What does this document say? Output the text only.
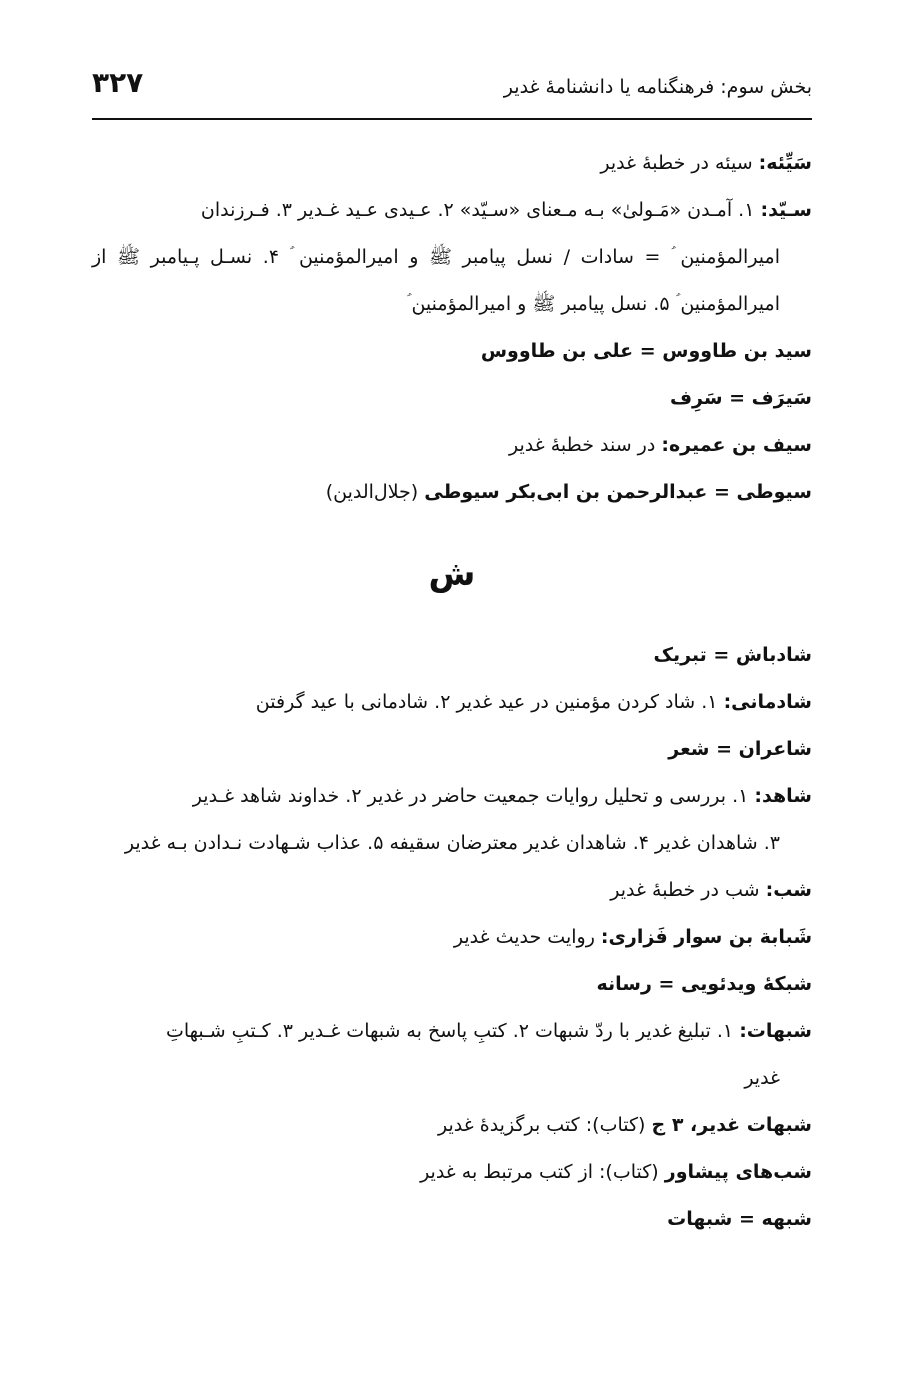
بخش سوم: فرهنگنامه یا دانشنامۀ غدیر
۳۲۷
سَیِّئه: سیئه در خطبۀ غدیر
سـیّد: ۱. آمـدن «مَـولیٰ» بـه مـعنای «سـیّد» ۲. عـیدی عـید غـدیر ۳. فـرزندان
امیرالمؤمنین ؑ = سادات / نسل پیامبر ﷺ و امیرالمؤمنین ؑ ۴. نسـل پـیامبر ﷺ از امیرالمؤمنین ؑ ۵. نسل پیامبر ﷺ و امیرالمؤمنین ؑ
سید بن طاووس = علی بن طاووس
سَیرَف = سَرِف
سیف بن عمیره: در سند خطبۀ غدیر
سیوطی = عبدالرحمن بن ابی‌بکر سیوطی (جلال‌الدین)
ش
شادباش = تبریک
شادمانی: ۱. شاد کردن مؤمنین در عید غدیر ۲. شادمانی با عید گرفتن
شاعران = شعر
شاهد: ۱. بررسی و تحلیل روایات جمعیت حاضر در غدیر ۲. خداوند شاهد غـدیر
۳. شاهدان غدیر ۴. شاهدان غدیر معترضان سقیفه ۵. عذاب شـهادت نـدادن بـه غدیر
شب: شب در خطبۀ غدیر
شَبابة بن سوار فَزاری: روایت حدیث غدیر
شبکۀ ویدئویی = رسانه
شبهات: ۱. تبلیغ غدیر با ردّ شبهات ۲. کتبِ پاسخ به شبهات غـدیر ۳. کـتبِ شـبهاتِ
غدیر
شبهات غدیر، ۳ ج (کتاب): کتب برگزیدۀ غدیر
شب‌های پیشاور (کتاب): از کتب مرتبط به غدیر
شبهه = شبهات
